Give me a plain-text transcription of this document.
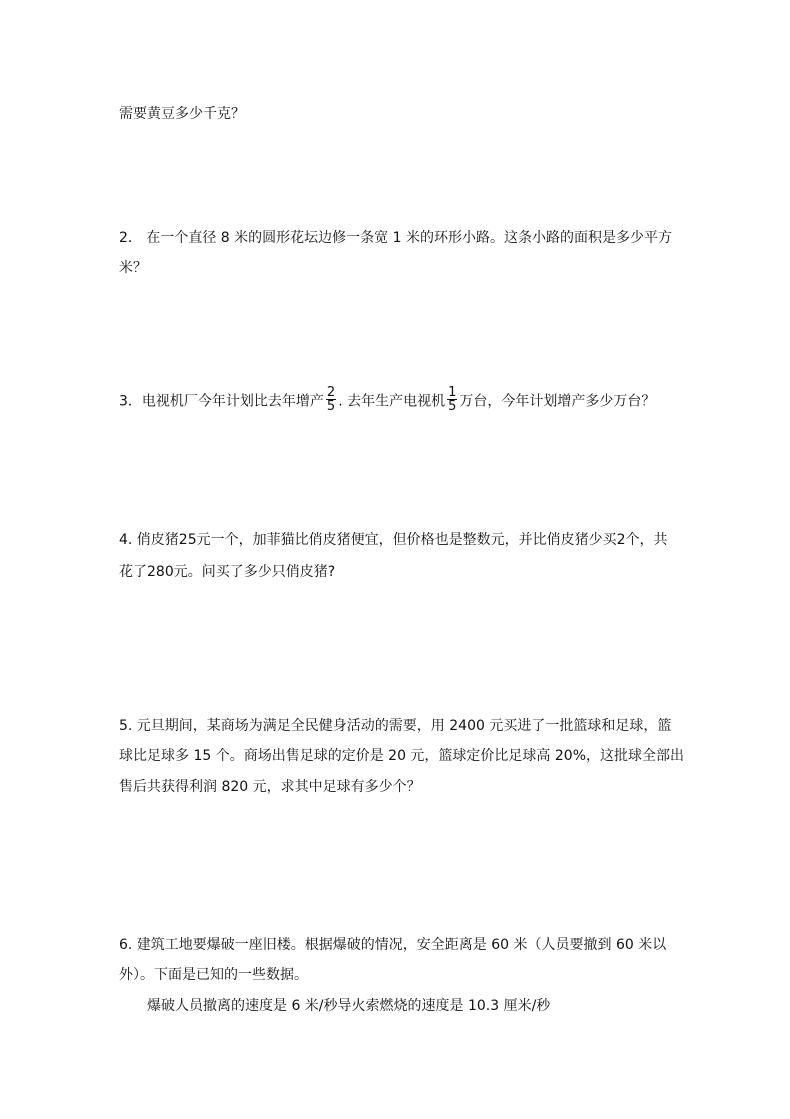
需要黄豆多少千克？
2． 在一个直径 8 米的圆形花坛边修一条宽 1 米的环形小路。这条小路的面积是多少平方
米？
3．电视机厂今年计划比去年增产 $\frac{2}{5}$ . 去年生产电视机 $\frac{1}{5}$ 万台，今年计划增产多少万台？
4. 俏皮猪25元一个，加菲猫比俏皮猪便宜，但价格也是整数元，并比俏皮猪少买2个，共
花了280元。问买了多少只俏皮猪?
5. 元旦期间，某商场为满足全民健身活动的需要，用 2400 元买进了一批篮球和足球，篮
球比足球多 15 个。商场出售足球的定价是 20 元，篮球定价比足球高 20%，这批球全部出
售后共获得利润 820 元，求其中足球有多少个？
6. 建筑工地要爆破一座旧楼。根据爆破的情况，安全距离是 60 米（人员要撤到 60 米以
外）。下面是已知的一些数据。
爆破人员撤离的速度是 6 米/秒导火索燃烧的速度是 10.3 厘米/秒
